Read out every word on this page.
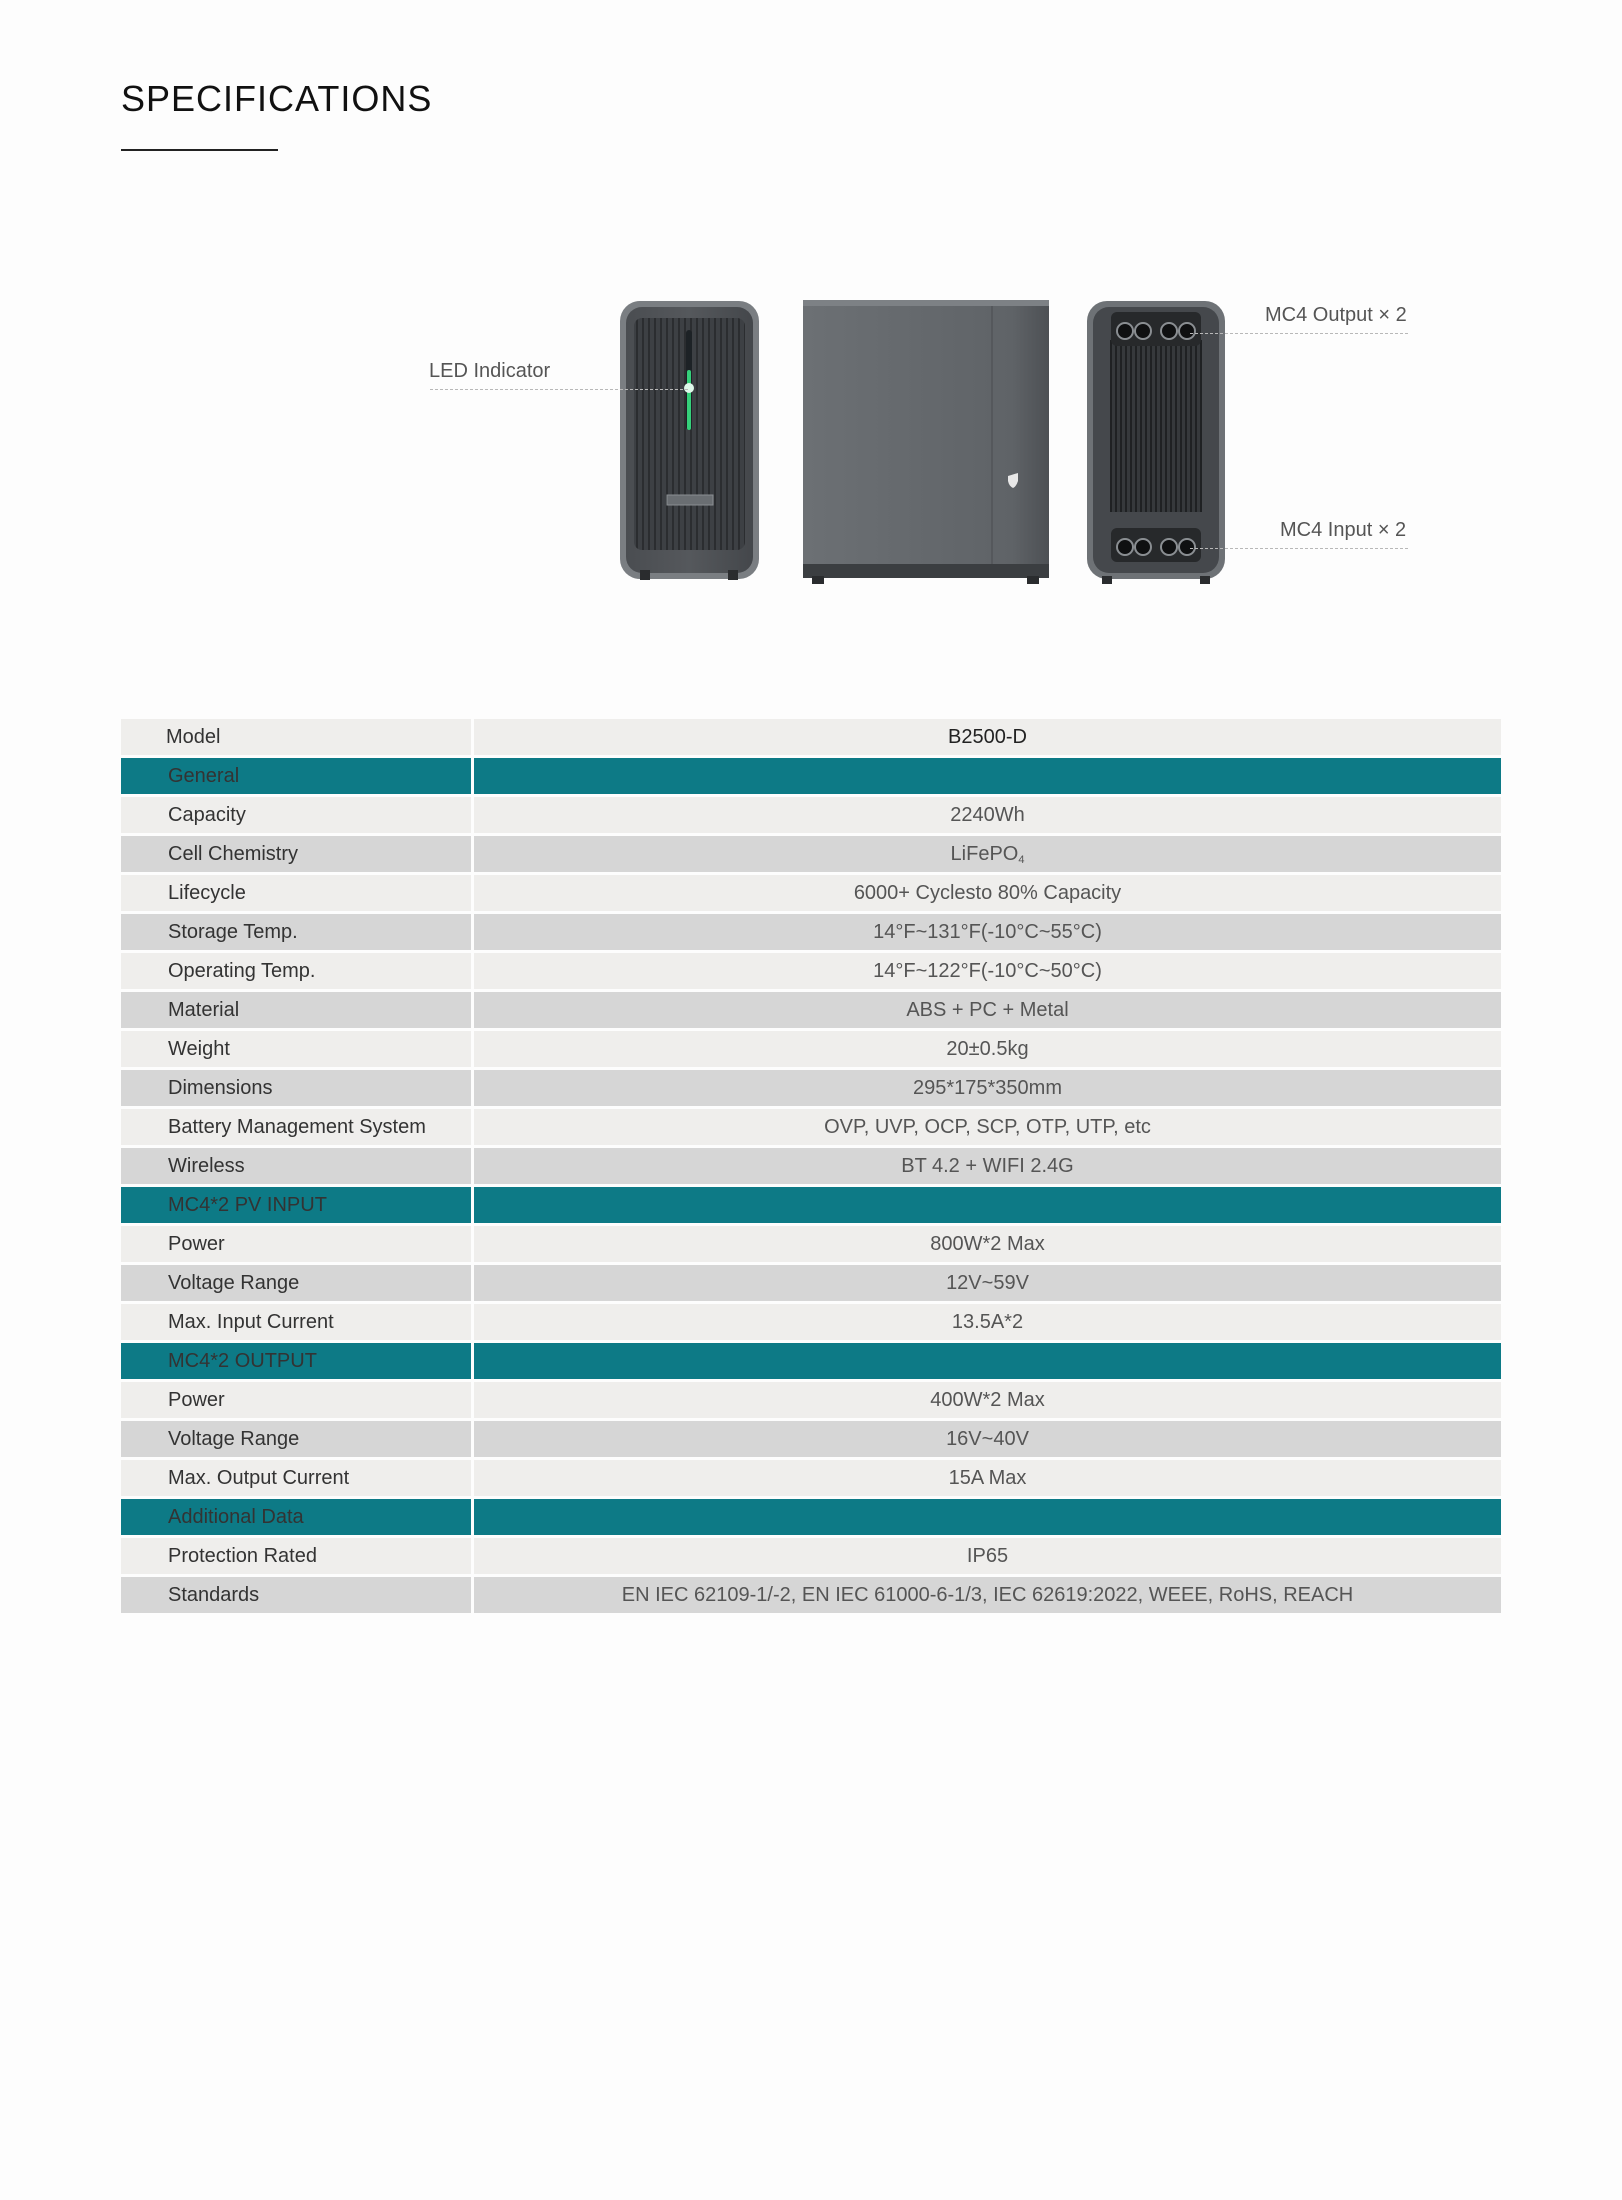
SPECIFICATIONS
LED Indicator
MC4 Output × 2
MC4 Input × 2
Model	B2500-D
General	
Capacity	2240Wh
Cell Chemistry	LiFePO$_4$
Lifecycle	6000+ Cyclesto 80% Capacity
Storage Temp.	14°F~131°F(-10°C~55°C)
Operating Temp.	14°F~122°F(-10°C~50°C)
Material	ABS + PC + Metal
Weight	20±0.5kg
Dimensions	295*175*350mm
Battery Management System	OVP, UVP, OCP, SCP, OTP, UTP, etc
Wireless	BT 4.2 + WIFI 2.4G
MC4*2 PV INPUT	
Power	800W*2 Max
Voltage Range	12V~59V
Max. Input Current	13.5A*2
MC4*2 OUTPUT	
Power	400W*2 Max
Voltage Range	16V~40V
Max. Output Current	15A Max
Additional Data	
Protection Rated	IP65
Standards	EN IEC 62109-1/-2, EN IEC 61000-6-1/3, IEC 62619:2022, WEEE, RoHS, REACH
